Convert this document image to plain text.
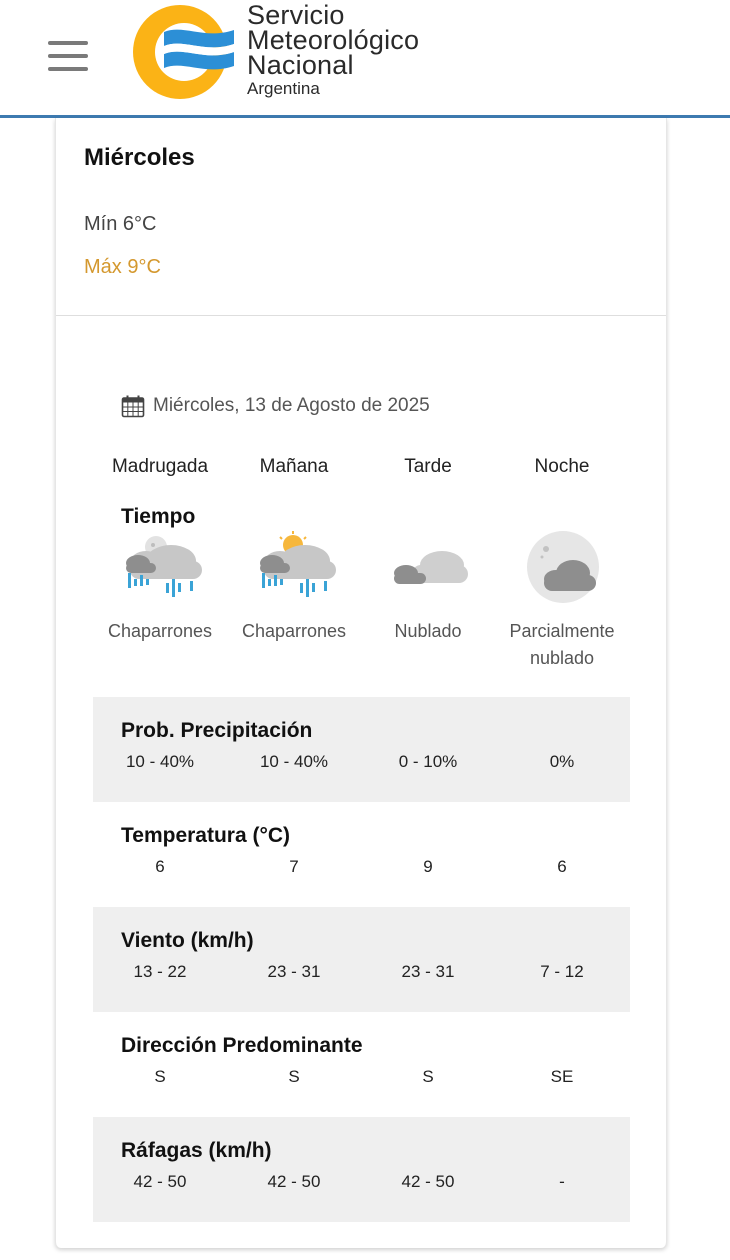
Servicio
Meteorológico
Nacional
Argentina
Miércoles
Mín 6°C
Máx 9°C
Miércoles, 13 de Agosto de 2025
Madrugada	Mañana	Tarde	Noche
Tiempo
Chaparrones	Chaparrones	Nublado	Parcialmente
nublado
Prob. Precipitación
10 - 40%	10 - 40%	0 - 10%	0%
Temperatura (°C)
6	7	9	6
Viento (km/h)
13 - 22	23 - 31	23 - 31	7 - 12
Dirección Predominante
S	S	S	SE
Ráfagas (km/h)
42 - 50	42 - 50	42 - 50	-
